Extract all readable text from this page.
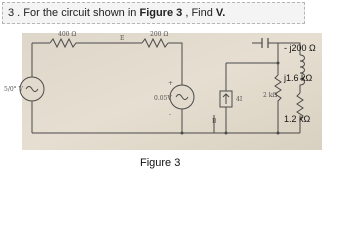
3 . For the circuit shown in Figure 3 , Find V.
400 Ω
E
200 Ω
5/0° V
0.05V
B
4I
2 kΩ
+
-
- j200 Ω
j1.6 kΩ
1.2 kΩ
Figure 3
